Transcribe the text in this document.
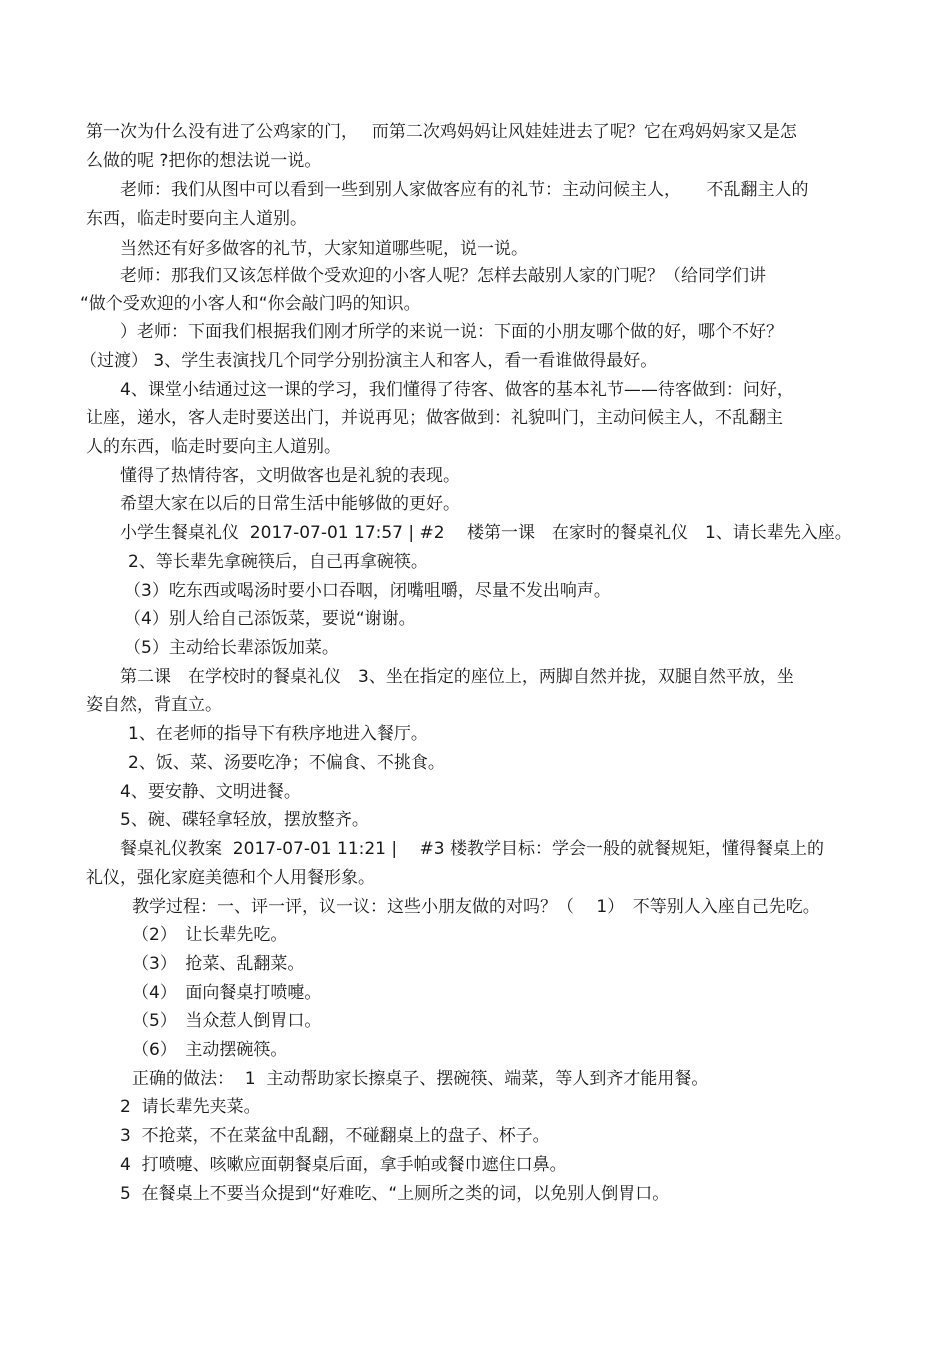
第一次为什么没有进了公鸡家的门，　 而第二次鸡妈妈让风娃娃进去了呢？它在鸡妈妈家又是怎
么做的呢 ?把你的想法说一说。
老师：我们从图中可以看到一些到别人家做客应有的礼节：主动问候主人，　　不乱翻主人的
东西，临走时要向主人道别。
当然还有好多做客的礼节，大家知道哪些呢，说一说。
老师：那我们又该怎样做个受欢迎的小客人呢？怎样去敲别人家的门呢？（给同学们讲
“做个受欢迎的小客人和“你会敲门吗的知识。
）老师：下面我们根据我们刚才所学的来说一说：下面的小朋友哪个做的好，哪个不好？
（过渡） 3、学生表演找几个同学分别扮演主人和客人，看一看谁做得最好。
4、课堂小结通过这一课的学习，我们懂得了待客、做客的基本礼节——待客做到：问好，
让座，递水，客人走时要送出门，并说再见；做客做到：礼貌叫门，主动问候主人，不乱翻主
人的东西，临走时要向主人道别。
懂得了热情待客，文明做客也是礼貌的表现。
希望大家在以后的日常生活中能够做的更好。
小学生餐桌礼仪  2017-07-01 17:57 | #2　 楼第一课　在家时的餐桌礼仪　1、请长辈先入座。
2、等长辈先拿碗筷后，自己再拿碗筷。
（3）吃东西或喝汤时要小口吞咽，闭嘴咀嚼，尽量不发出响声。
（4）别人给自己添饭菜，要说“谢谢。
（5）主动给长辈添饭加菜。
第二课　在学校时的餐桌礼仪　3、坐在指定的座位上，两脚自然并拢，双腿自然平放，坐
姿自然，背直立。
1、在老师的指导下有秩序地进入餐厅。
2、饭、菜、汤要吃净；不偏食、不挑食。
4、要安静、文明进餐。
5、碗、碟轻拿轻放，摆放整齐。
餐桌礼仪教案  2017-07-01 11:21 |　 #3 楼教学目标：学会一般的就餐规矩，懂得餐桌上的
礼仪，强化家庭美德和个人用餐形象。
教学过程：一、评一评，议一议：这些小朋友做的对吗？（　 1）　不等别人入座自己先吃。
（2）　让长辈先吃。
（3）　抢菜、乱翻菜。
（4）　面向餐桌打喷嚏。
（5）　当众惹人倒胃口。
（6）　主动摆碗筷。
正确的做法：  1  主动帮助家长擦桌子、摆碗筷、端菜，等人到齐才能用餐。
2  请长辈先夹菜。
3  不抢菜，不在菜盆中乱翻，不碰翻桌上的盘子、杯子。
4  打喷嚏、咳嗽应面朝餐桌后面，拿手帕或餐巾遮住口鼻。
5  在餐桌上不要当众提到“好难吃、“上厕所之类的词，以免别人倒胃口。
